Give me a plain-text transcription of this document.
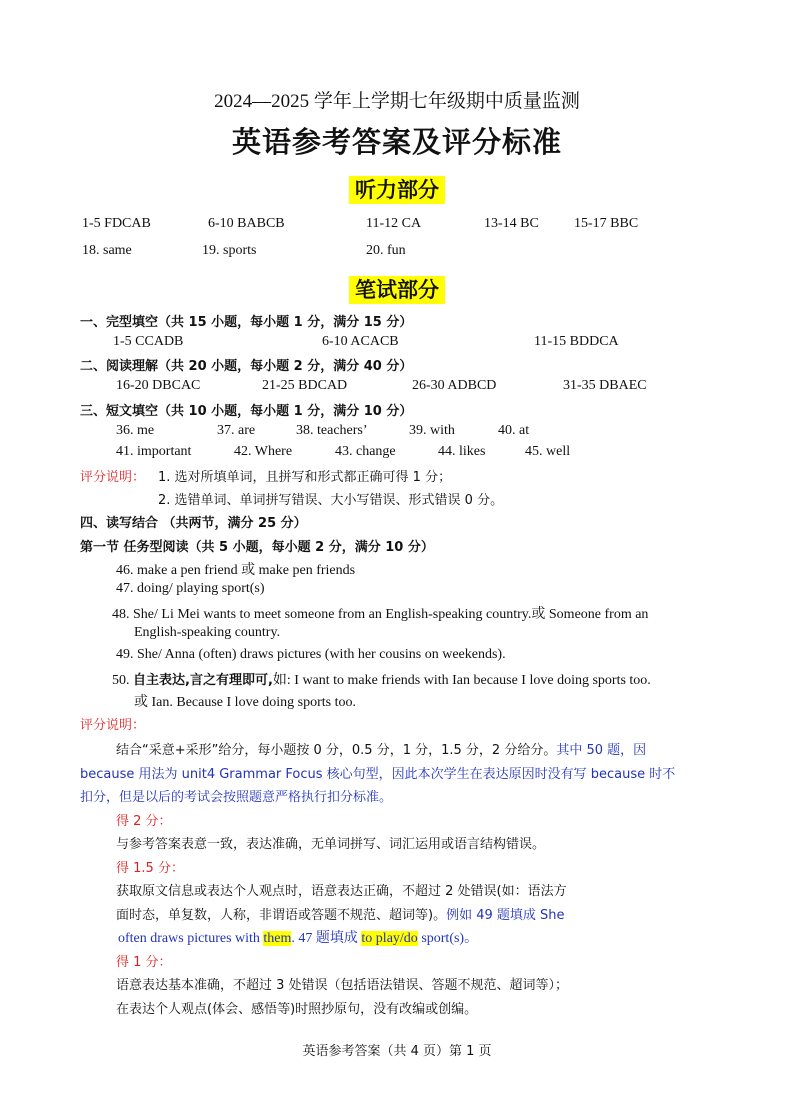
2024—2025 学年上学期七年级期中质量监测
英语参考答案及评分标准
听力部分
1-5 FDCAB	6-10 BABCB	11-12 CA	13-14 BC	15-17 BBC
18. same	19. sports	20. fun
笔试部分
一、完型填空（共 15 小题，每小题 1 分，满分 15 分）
1-5 CCADB	6-10 ACACB	11-15 BDDCA
二、阅读理解（共 20 小题，每小题 2 分，满分 40 分）
16-20 DBCAC	21-25 BDCAD	26-30 ADBCD	31-35 DBAEC
三、短文填空（共 10 小题，每小题 1 分，满分 10 分）
36. me	37. are	38. teachers’	39. with	40. at
41. important	42. Where	43. change	44. likes	45. well
评分说明： 1. 选对所填单词，且拼写和形式都正确可得 1 分；
2. 选错单词、单词拼写错误、大小写错误、形式错误 0 分。
四、读写结合 （共两节，满分 25 分）
第一节 任务型阅读（共 5 小题，每小题 2 分，满分 10 分）
46. make a pen friend 或 make pen friends
47. doing/ playing sport(s)
48. She/ Li Mei wants to meet someone from an English-speaking country.或 Someone from an
English-speaking country.
49. She/ Anna (often) draws pictures (with her cousins on weekends).
50. 自主表达,言之有理即可,如: I want to make friends with Ian because I love doing sports too.
或 Ian. Because I love doing sports too.
评分说明：
结合“采意+采形”给分，每小题按 0 分，0.5 分，1 分，1.5 分，2 分给分。其中 50 题，因
because 用法为 unit4 Grammar Focus 核心句型，因此本次学生在表达原因时没有写 because 时不
扣分，但是以后的考试会按照题意严格执行扣分标准。
得 2 分：
与参考答案表意一致，表达准确，无单词拼写、词汇运用或语言结构错误。
得 1.5 分：
获取原文信息或表达个人观点时，语意表达正确，不超过 2 处错误(如：语法方
面时态，单复数，人称，非谓语或答题不规范、超词等)。例如 49 题填成 She
often draws pictures with them. 47 题填成 to play/do sport(s)。
得 1 分：
语意表达基本准确，不超过 3 处错误（包括语法错误、答题不规范、超词等）；
在表达个人观点(体会、感悟等)时照抄原句，没有改编或创编。
英语参考答案（共 4 页）第 1 页
